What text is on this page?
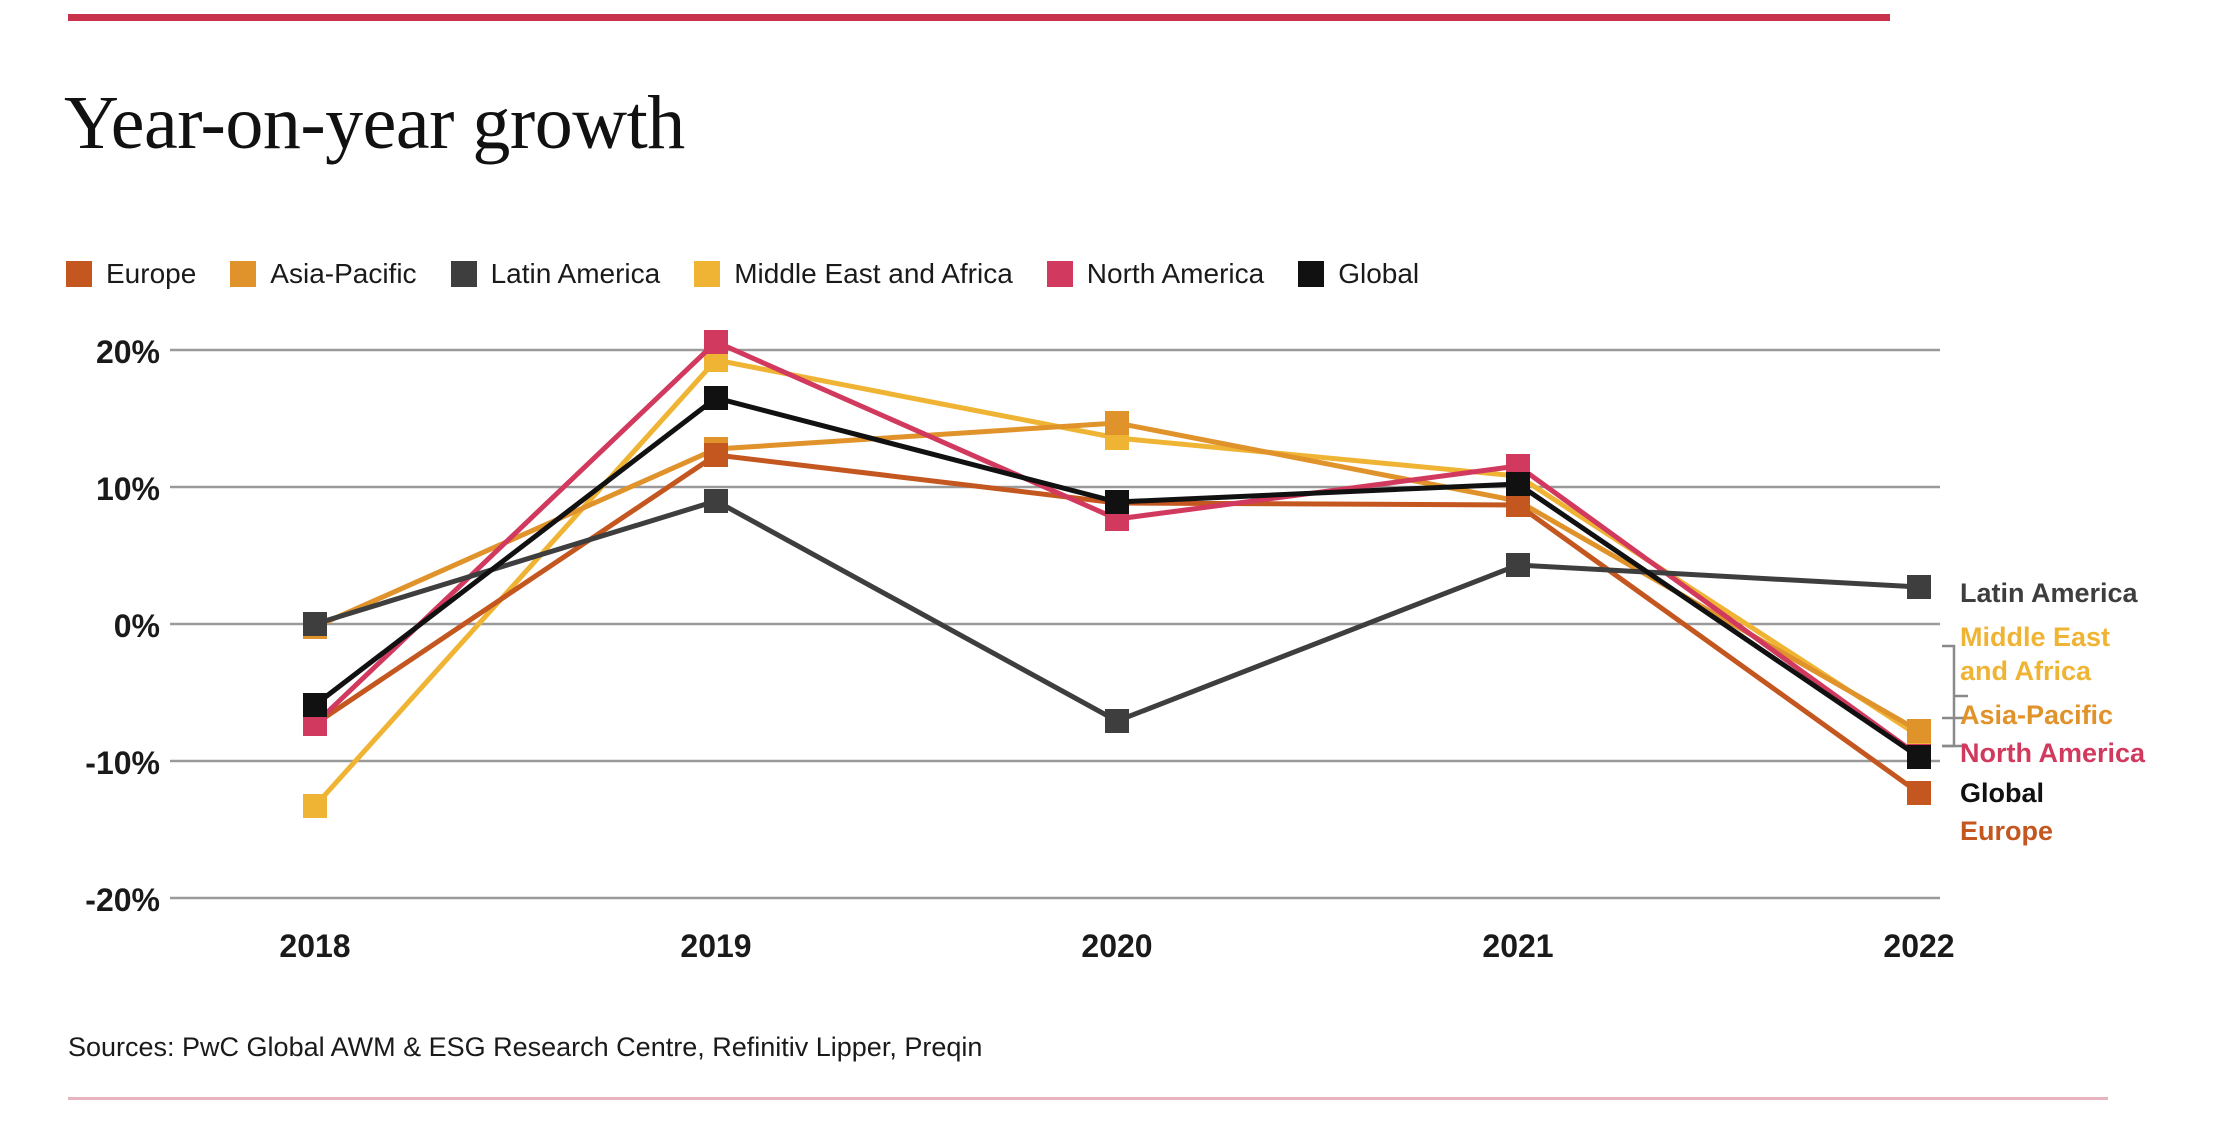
Year-on-year growth
Europe	Asia-Pacific	Latin America	Middle East and Africa	North America	Global
20%
10%
0%
-10%
-20%
2018	2019	2020	2021	2022
Latin America
Middle East
and Africa
Asia-Pacific
North America
Global
Europe
Sources: PwC Global AWM & ESG Research Centre, Refinitiv Lipper, Preqin
